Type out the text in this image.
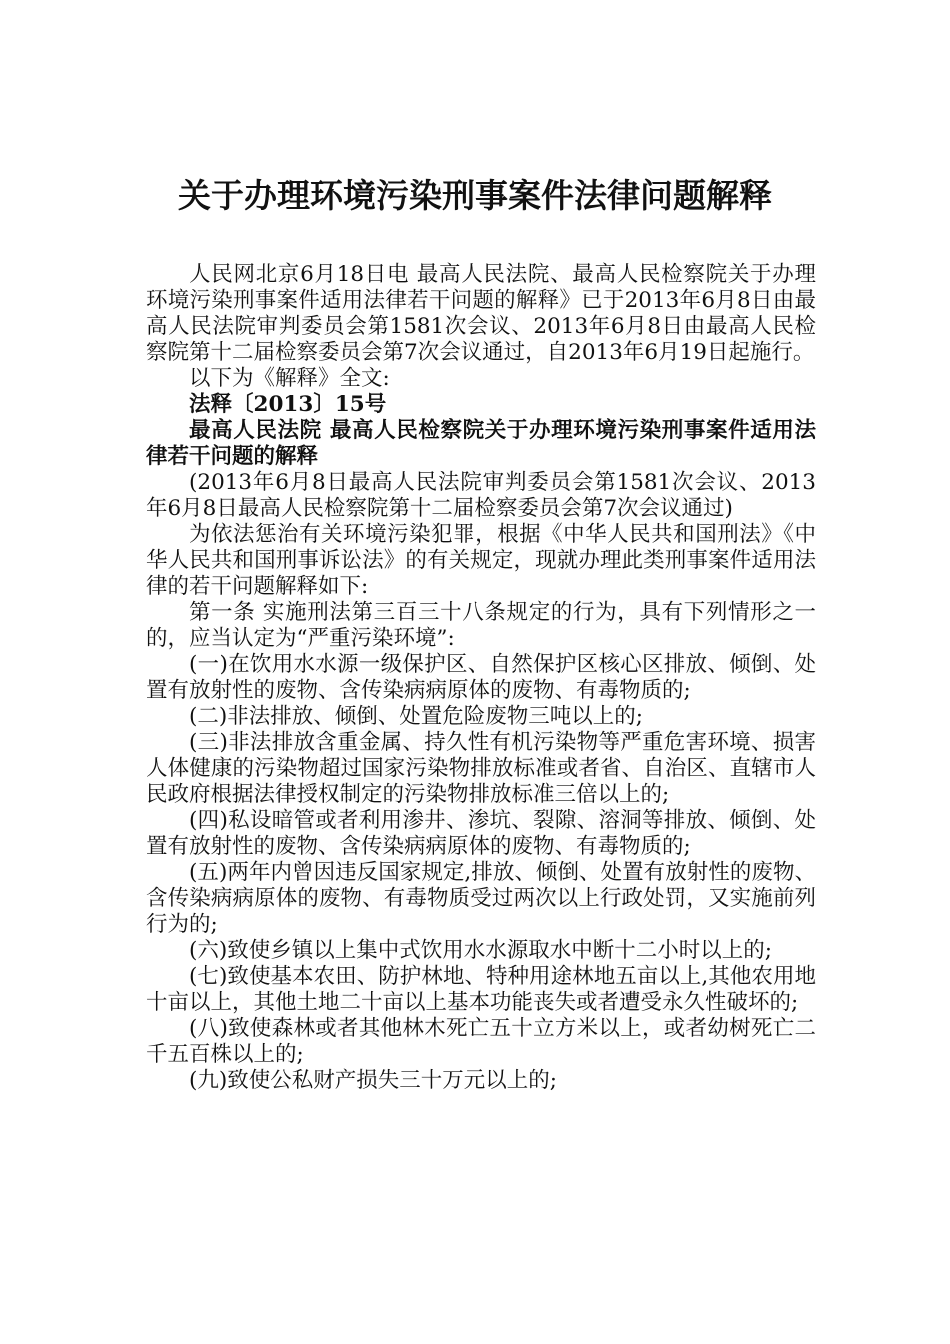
关于办理环境污染刑事案件法律问题解释

人民网北京6月18日电 最高人民法院、最高人民检察院关于办理环境污染刑事案件适用法律若干问题的解释》已于2013年6月8日由最高人民法院审判委员会第1581次会议、2013年6月8日由最高人民检察院第十二届检察委员会第7次会议通过，自2013年6月19日起施行。

以下为《解释》全文:

法释〔2013〕15号

最高人民法院 最高人民检察院关于办理环境污染刑事案件适用法律若干问题的解释

(2013年6月8日最高人民法院审判委员会第1581次会议、2013年6月8日最高人民检察院第十二届检察委员会第7次会议通过)

为依法惩治有关环境污染犯罪，根据《中华人民共和国刑法》《中华人民共和国刑事诉讼法》的有关规定，现就办理此类刑事案件适用法律的若干问题解释如下:

第一条 实施刑法第三百三十八条规定的行为，具有下列情形之一的，应当认定为“严重污染环境”:

(一)在饮用水水源一级保护区、自然保护区核心区排放、倾倒、处置有放射性的废物、含传染病病原体的废物、有毒物质的;

(二)非法排放、倾倒、处置危险废物三吨以上的;

(三)非法排放含重金属、持久性有机污染物等严重危害环境、损害人体健康的污染物超过国家污染物排放标准或者省、自治区、直辖市人民政府根据法律授权制定的污染物排放标准三倍以上的;

(四)私设暗管或者利用渗井、渗坑、裂隙、溶洞等排放、倾倒、处置有放射性的废物、含传染病病原体的废物、有毒物质的;

(五)两年内曾因违反国家规定,排放、倾倒、处置有放射性的废物、含传染病病原体的废物、有毒物质受过两次以上行政处罚，又实施前列行为的;

(六)致使乡镇以上集中式饮用水水源取水中断十二小时以上的;

(七)致使基本农田、防护林地、特种用途林地五亩以上,其他农用地十亩以上，其他土地二十亩以上基本功能丧失或者遭受永久性破坏的;

(八)致使森林或者其他林木死亡五十立方米以上，或者幼树死亡二千五百株以上的;

(九)致使公私财产损失三十万元以上的;
